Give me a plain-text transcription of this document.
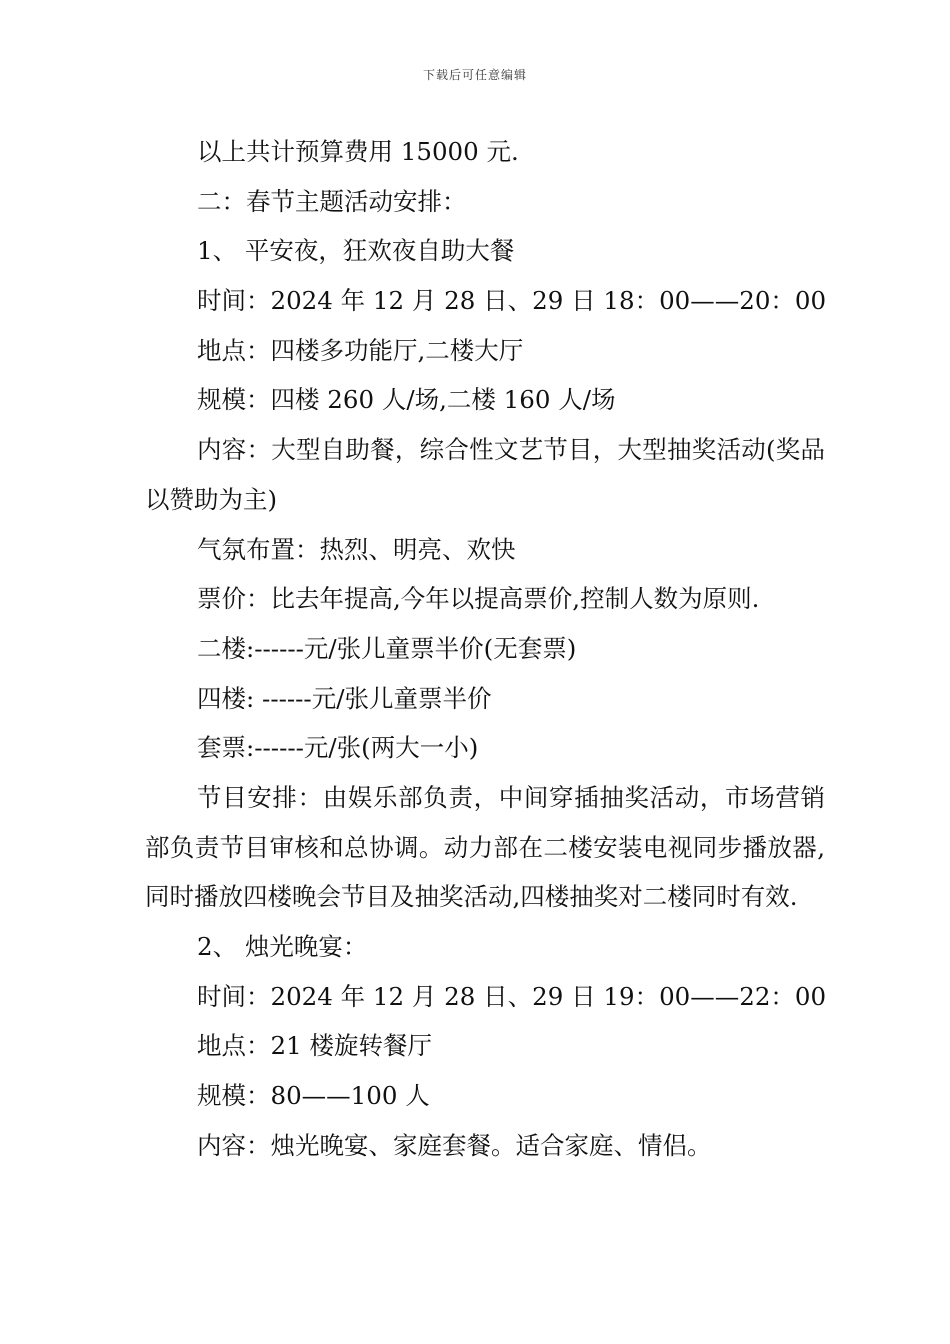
下载后可任意编辑
以上共计预算费用 15000 元.
二：春节主题活动安排：
1、 平安夜，狂欢夜自助大餐
时间：2024 年 12 月 28 日、29 日 18：00——20：00
地点：四楼多功能厅,二楼大厅
规模：四楼 260 人/场,二楼 160 人/场
内容：大型自助餐，综合性文艺节目，大型抽奖活动(奖品以赞助为主)
气氛布置：热烈、明亮、欢快
票价：比去年提高,今年以提高票价,控制人数为原则.
二楼:------元/张儿童票半价(无套票)
四楼: ------元/张儿童票半价
套票:------元/张(两大一小)
节目安排：由娱乐部负责，中间穿插抽奖活动，市场营销部负责节目审核和总协调。动力部在二楼安装电视同步播放器,同时播放四楼晚会节目及抽奖活动,四楼抽奖对二楼同时有效.
2、 烛光晚宴：
时间：2024 年 12 月 28 日、29 日 19：00——22：00
地点：21 楼旋转餐厅
规模：80——100 人
内容：烛光晚宴、家庭套餐。适合家庭、情侣。
